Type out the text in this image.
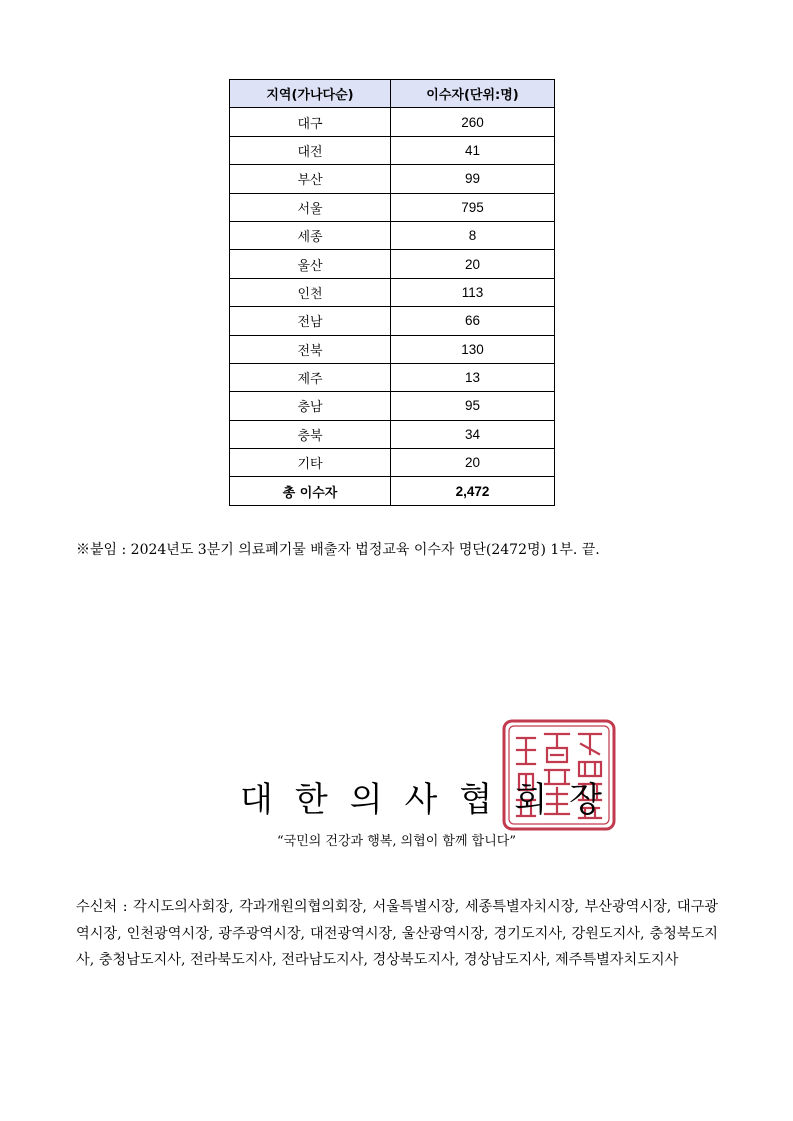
지역(가나다순)	이수자(단위:명)
대구	260
대전	41
부산	99
서울	795
세종	8
울산	20
인천	113
전남	66
전북	130
제주	13
충남	95
충북	34
기타	20
총 이수자	2,472
※붙임 : 2024년도 3분기 의료폐기물 배출자 법정교육 이수자 명단(2472명) 1부. 끝.
대한의사협회장
“국민의 건강과 행복, 의협이 함께 합니다”
수신처 : 각시도의사회장, 각과개원의협의회장, 서울특별시장, 세종특별자치시장, 부산광역시장, 대구광역시장, 인천광역시장, 광주광역시장, 대전광역시장, 울산광역시장, 경기도지사, 강원도지사, 충청북도지사, 충청남도지사, 전라북도지사, 전라남도지사, 경상북도지사, 경상남도지사, 제주특별자치도지사
